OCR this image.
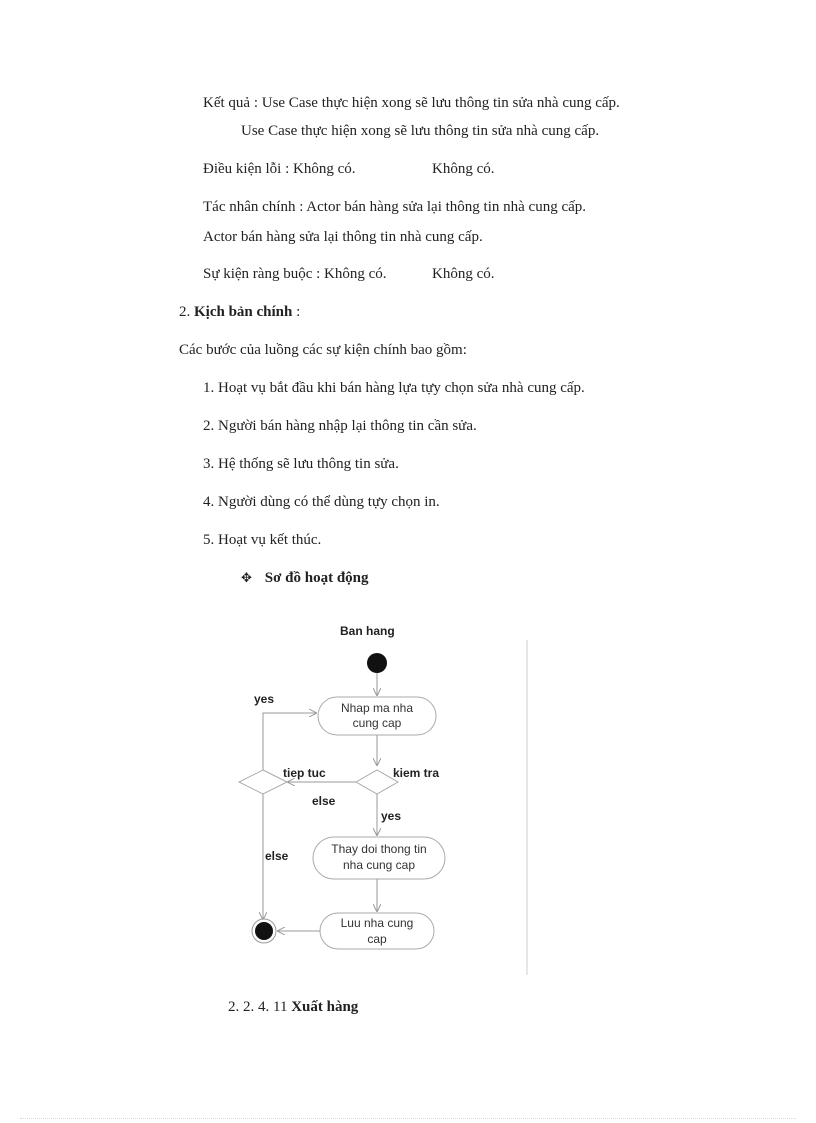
Kết quả : Use Case thực hiện xong sẽ lưu thông tin sửa nhà cung cấp.
Use Case thực hiện xong sẽ lưu thông tin sửa nhà cung cấp.
Điều kiện lỗi : Không có.	Không có.
Tác nhân chính : Actor bán hàng sửa lại thông tin nhà cung cấp.
Actor bán hàng sửa lại thông tin nhà cung cấp.
Sự kiện ràng buộc : Không có.	Không có.
2. Kịch bản chính :
Các bước của luồng các sự kiện chính bao gồm:
1. Hoạt vụ bắt đầu khi bán hàng lựa tựy chọn sửa nhà cung cấp.
2. Người bán hàng nhập lại thông tin cần sửa.
3. Hệ thống sẽ lưu thông tin sửa.
4. Người dùng có thể dùng tựy chọn in.
5. Hoạt vụ kết thúc.
✥ Sơ đồ hoạt động
Ban hang
Nhap ma nha
cung cap
kiem tra
else
tiep tuc
yes
else
yes
Thay doi thong tin
nha cung cap
Luu nha cung
cap
2. 2. 4. 11 Xuất hàng
